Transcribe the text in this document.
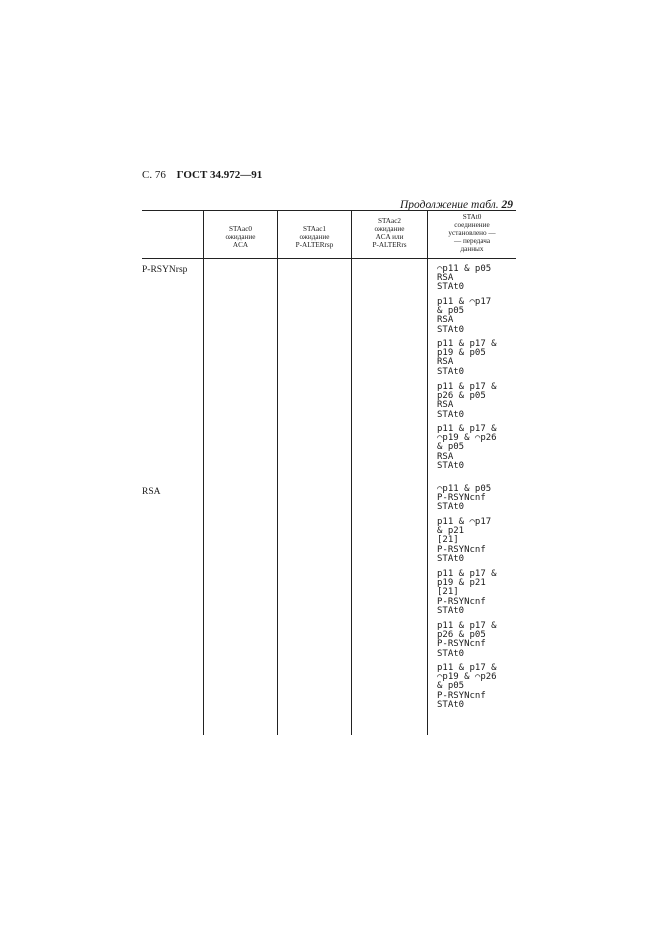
С. 76 ГОСТ 34.972—91
Продолжение табл. 29
STAac0
ожидание
ACA
STAac1
ожидание
P-ALTERrsp
STAac2
ожидание
ACA или
P-ALTERrs
STAt0
соединение
установлено —
— передача
данных
P-RSYNrsp	⌒p11 & p05
RSA
STAt0
p11 & ⌒p17
& p05
RSA
STAt0
p11 & p17 &
p19 & p05
RSA
STAt0
p11 & p17 &
p26 & p05
RSA
STAt0
p11 & p17 &
⌒p19 & ⌒p26
& p05
RSA
STAt0
RSA	⌒p11 & p05
P-RSYNcnf
STAt0
p11 & ⌒p17
& p21
[21]
P-RSYNcnf
STAt0
p11 & p17 &
p19 & p21
[21]
P-RSYNcnf
STAt0
p11 & p17 &
p26 & p05
P-RSYNcnf
STAt0
p11 & p17 &
⌒p19 & ⌒p26
& p05
P-RSYNcnf
STAt0
